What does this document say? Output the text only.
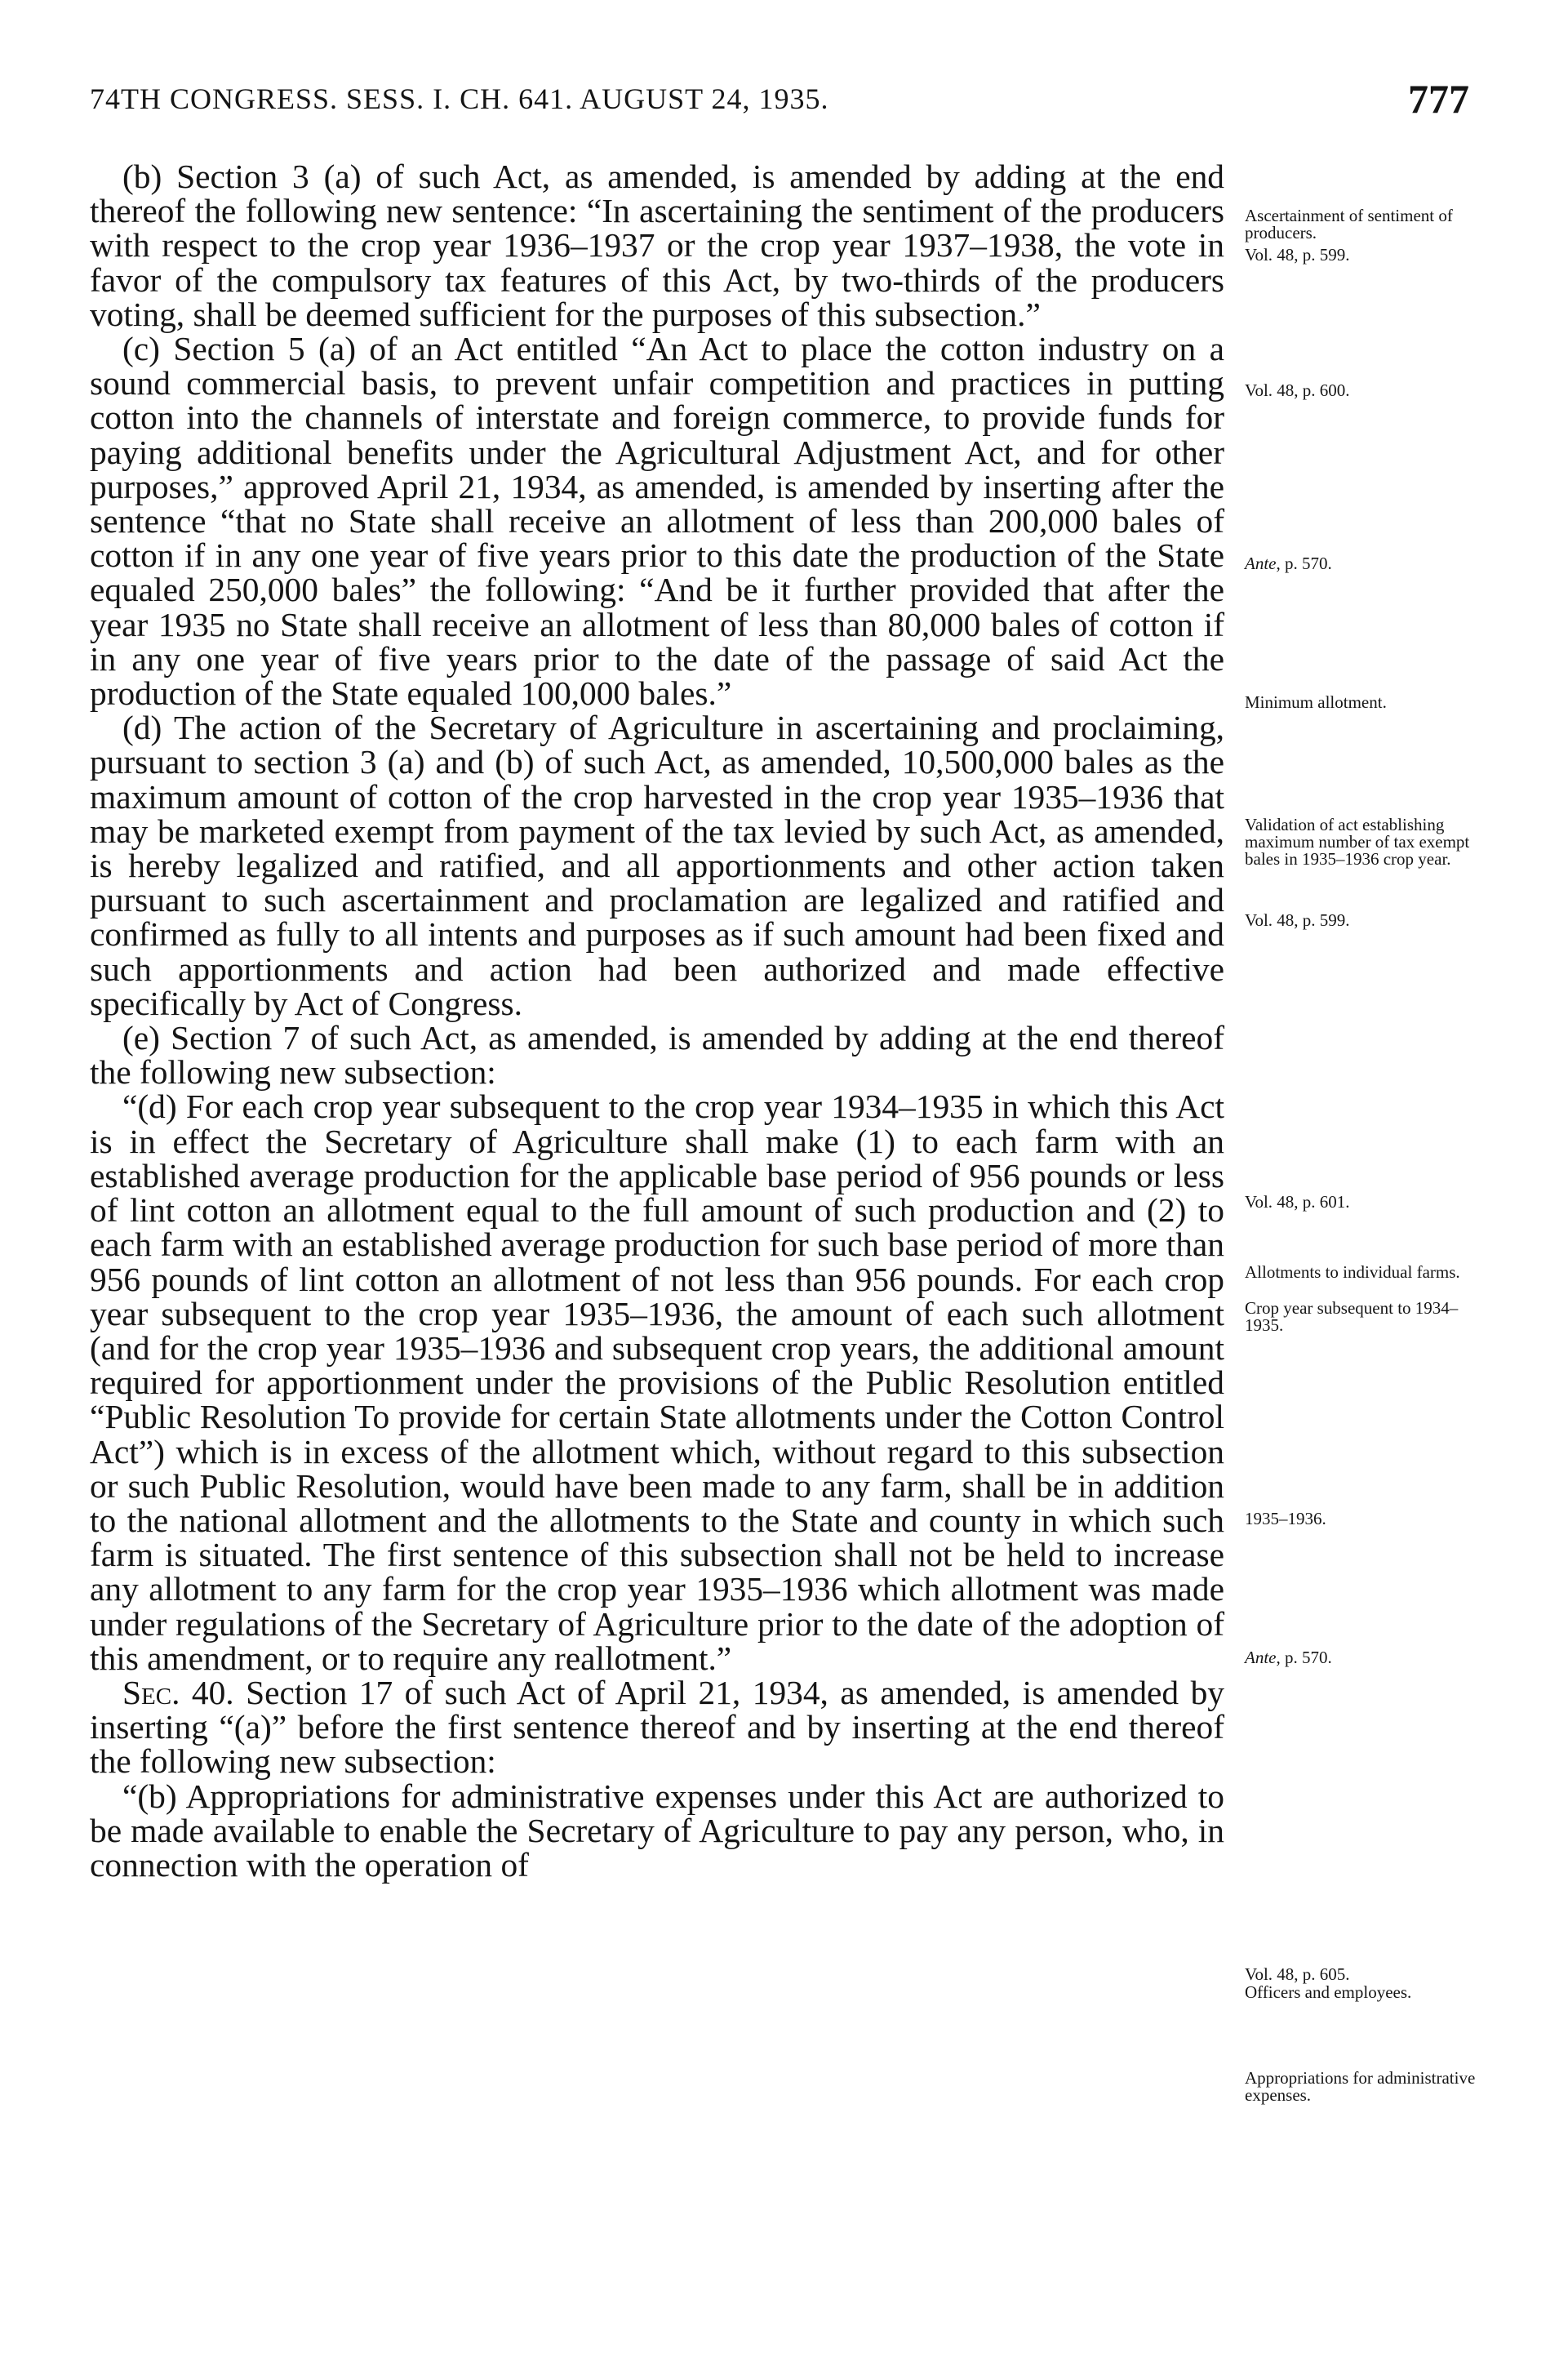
74TH CONGRESS. SESS. I. CH. 641. AUGUST 24, 1935.	777

(b) Section 3 (a) of such Act, as amended, is amended by adding at the end thereof the following new sentence: “In ascertaining the sentiment of the producers with respect to the crop year 1936–1937 or the crop year 1937–1938, the vote in favor of the compulsory tax features of this Act, by two-thirds of the producers voting, shall be deemed sufficient for the purposes of this subsection.”

(c) Section 5 (a) of an Act entitled “An Act to place the cotton industry on a sound commercial basis, to prevent unfair competition and practices in putting cotton into the channels of interstate and foreign commerce, to provide funds for paying additional benefits under the Agricultural Adjustment Act, and for other purposes,” approved April 21, 1934, as amended, is amended by inserting after the sentence “that no State shall receive an allotment of less than 200,000 bales of cotton if in any one year of five years prior to this date the production of the State equaled 250,000 bales” the following: “And be it further provided that after the year 1935 no State shall receive an allotment of less than 80,000 bales of cotton if in any one year of five years prior to the date of the passage of said Act the production of the State equaled 100,000 bales.”

(d) The action of the Secretary of Agriculture in ascertaining and proclaiming, pursuant to section 3 (a) and (b) of such Act, as amended, 10,500,000 bales as the maximum amount of cotton of the crop harvested in the crop year 1935–1936 that may be marketed exempt from payment of the tax levied by such Act, as amended, is hereby legalized and ratified, and all apportionments and other action taken pursuant to such ascertainment and proclamation are legalized and ratified and confirmed as fully to all intents and purposes as if such amount had been fixed and such apportionments and action had been authorized and made effective specifically by Act of Congress.

(e) Section 7 of such Act, as amended, is amended by adding at the end thereof the following new subsection:

“(d) For each crop year subsequent to the crop year 1934–1935 in which this Act is in effect the Secretary of Agriculture shall make (1) to each farm with an established average production for the applicable base period of 956 pounds or less of lint cotton an allotment equal to the full amount of such production and (2) to each farm with an established average production for such base period of more than 956 pounds of lint cotton an allotment of not less than 956 pounds. For each crop year subsequent to the crop year 1935–1936, the amount of each such allotment (and for the crop year 1935–1936 and subsequent crop years, the additional amount required for apportionment under the provisions of the Public Resolution entitled “Public Resolution To provide for certain State allotments under the Cotton Control Act”) which is in excess of the allotment which, without regard to this subsection or such Public Resolution, would have been made to any farm, shall be in addition to the national allotment and the allotments to the State and county in which such farm is situated. The first sentence of this subsection shall not be held to increase any allotment to any farm for the crop year 1935–1936 which allotment was made under regulations of the Secretary of Agriculture prior to the date of the adoption of this amendment, or to require any reallotment.”

Sec. 40. Section 17 of such Act of April 21, 1934, as amended, is amended by inserting “(a)” before the first sentence thereof and by inserting at the end thereof the following new subsection:

“(b) Appropriations for administrative expenses under this Act are authorized to be made available to enable the Secretary of Agriculture to pay any person, who, in connection with the operation of

Ascertainment of sentiment of producers.
Vol. 48, p. 599.
Vol. 48, p. 600.
Ante, p. 570.
Minimum allotment.
Validation of act establishing maximum number of tax exempt bales in 1935–1936 crop year.
Vol. 48, p. 599.
Vol. 48, p. 601.
Allotments to individual farms.
Crop year subsequent to 1934–1935.
1935–1936.
Ante, p. 570.
Vol. 48, p. 605.
Officers and employees.
Appropriations for administrative expenses.
